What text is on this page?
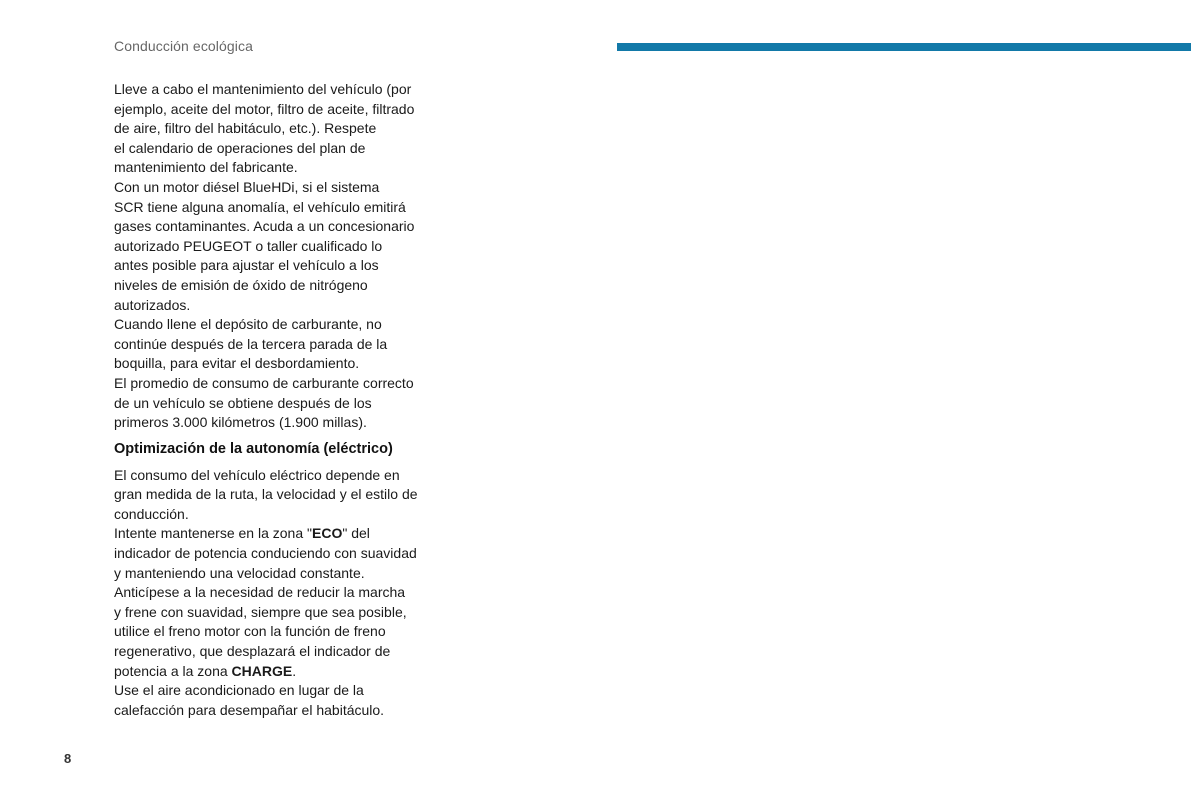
Conducción ecológica

Lleve a cabo el mantenimiento del vehículo (por
ejemplo, aceite del motor, filtro de aceite, filtrado
de aire, filtro del habitáculo, etc.). Respete
el calendario de operaciones del plan de
mantenimiento del fabricante.

Con un motor diésel BlueHDi, si el sistema
SCR tiene alguna anomalía, el vehículo emitirá
gases contaminantes. Acuda a un concesionario
autorizado PEUGEOT o taller cualificado lo
antes posible para ajustar el vehículo a los
niveles de emisión de óxido de nitrógeno
autorizados.

Cuando llene el depósito de carburante, no
continúe después de la tercera parada de la
boquilla, para evitar el desbordamiento.

El promedio de consumo de carburante correcto
de un vehículo se obtiene después de los
primeros 3.000 kilómetros (1.900 millas).

Optimización de la autonomía (eléctrico)

El consumo del vehículo eléctrico depende en
gran medida de la ruta, la velocidad y el estilo de
conducción.

Intente mantenerse en la zona "ECO" del
indicador de potencia conduciendo con suavidad
y manteniendo una velocidad constante.

Anticípese a la necesidad de reducir la marcha
y frene con suavidad, siempre que sea posible,
utilice el freno motor con la función de freno
regenerativo, que desplazará el indicador de
potencia a la zona CHARGE.

Use el aire acondicionado en lugar de la
calefacción para desempañar el habitáculo.

8
